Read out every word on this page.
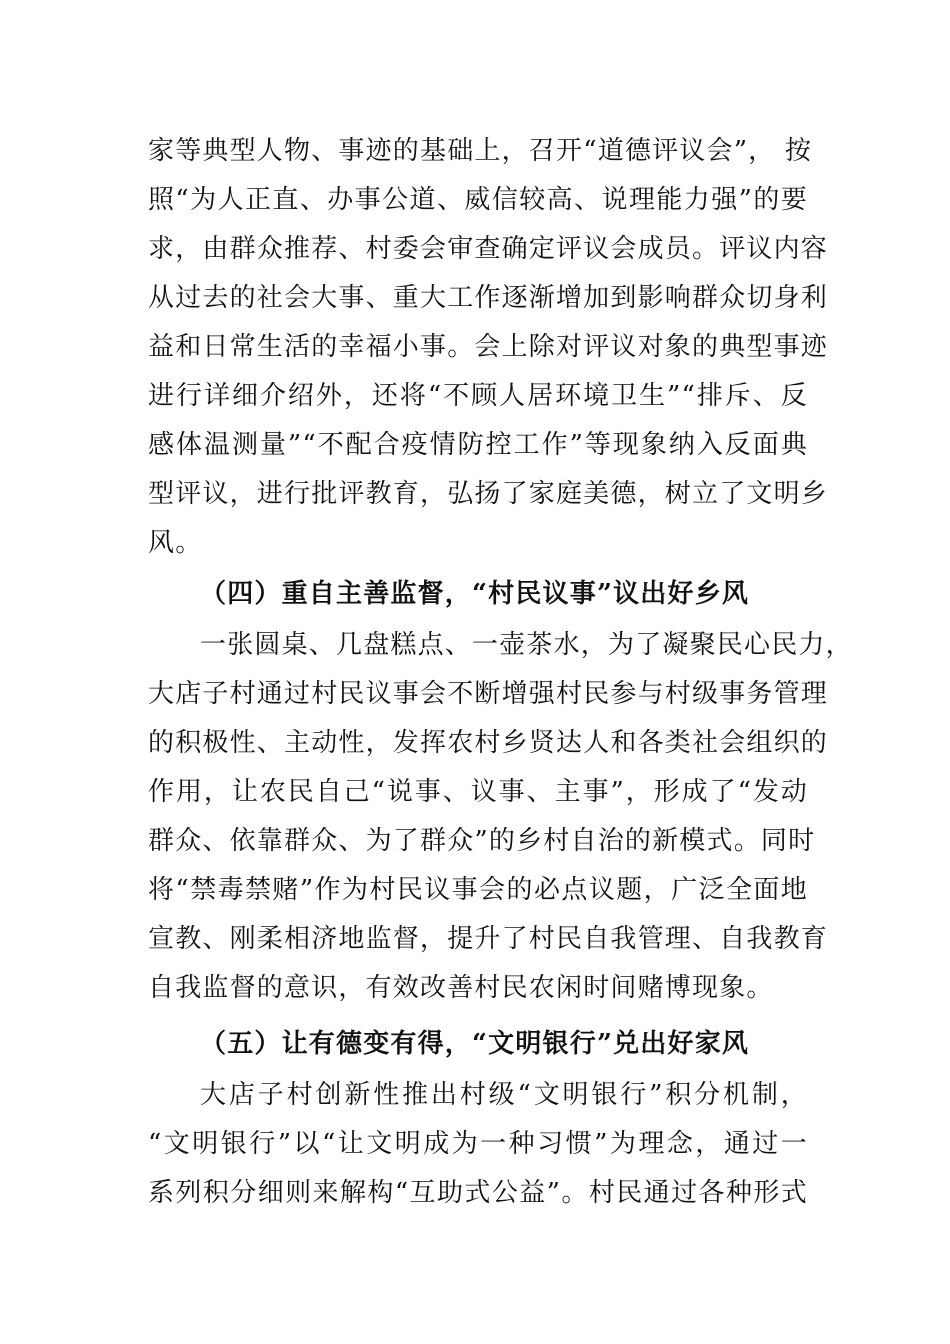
家等典型人物、事迹的基础上，召开“道德评议会”， 按
照“为人正直、办事公道、威信较高、说理能力强”的要
求，由群众推荐、村委会审查确定评议会成员。评议内容
从过去的社会大事、重大工作逐渐增加到影响群众切身利
益和日常生活的幸福小事。会上除对评议对象的典型事迹
进行详细介绍外，还将“不顾人居环境卫生”“排斥、反
感体温测量”“不配合疫情防控工作”等现象纳入反面典
型评议，进行批评教育，弘扬了家庭美德，树立了文明乡
风。
（四）重自主善监督，“村民议事”议出好乡风
一张圆桌、几盘糕点、一壶茶水，为了凝聚民心民力，
大店子村通过村民议事会不断增强村民参与村级事务管理
的积极性、主动性，发挥农村乡贤达人和各类社会组织的
作用，让农民自己“说事、议事、主事”，形成了“发动
群众、依靠群众、为了群众”的乡村自治的新模式。同时
将“禁毒禁赌”作为村民议事会的必点议题，广泛全面地
宣教、刚柔相济地监督，提升了村民自我管理、自我教育
自我监督的意识，有效改善村民农闲时间赌博现象。
（五）让有德变有得，“文明银行”兑出好家风
大店子村创新性推出村级“文明银行”积分机制，
“文明银行”以“让文明成为一种习惯”为理念，通过一
系列积分细则来解构“互助式公益”。村民通过各种形式
